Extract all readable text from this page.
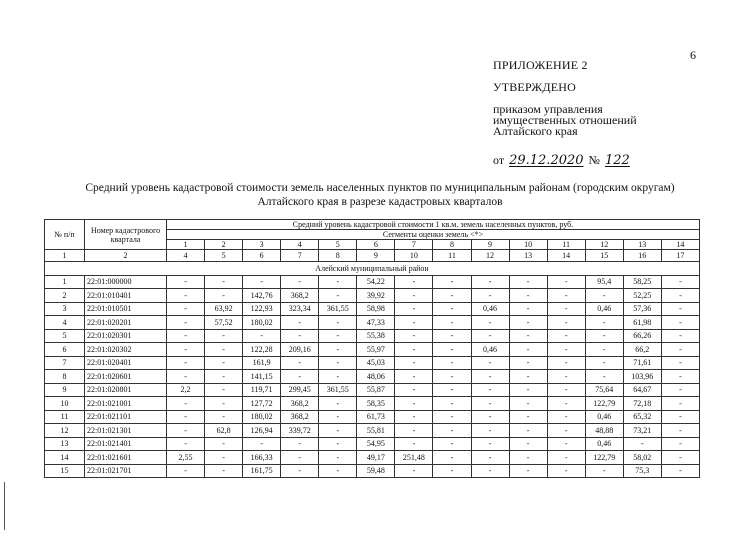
6
ПРИЛОЖЕНИЕ 2
УТВЕРЖДЕНО
приказом управления
имущественных отношений
Алтайского края
от 29.12.2020 № 122
Средний уровень кадастровой стоимости земель населенных пунктов по муниципальным районам (городским округам)
Алтайского края в разрезе кадастровых кварталов
№ п/п	Номер кадастрового квартала	Средний уровень кадастровой стоимости 1 кв.м. земель населенных пунктов, руб.													
		Сегменты оценки земель <*>													
		1	2	3	4	5	6	7	8	9	10	11	12	13	14
1	2	4	5	6	7	8	9	10	11	12	13	14	15	16	17
Алейский муниципальный район															
1	22:01:000000	-	-	-	-	-	54,22	-	-	-	-	-	95,4	58,25	-
2	22:01:010401	-	-	142,76	368,2	-	39,92	-	-	-	-	-	-	52,25	-
3	22:01:010501	-	63,92	122,93	323,34	361,55	58,98	-	-	0,46	-	-	0,46	57,36	-
4	22:01:020201	-	57,52	180,02	-	-	47,33	-	-	-	-	-	-	61,98	-
5	22:01:020301	-	-	-	-	-	55,38	-	-	-	-	-	-	66,26	-
6	22:01:020302	-	-	122,28	209,16	-	55,97	-	-	0,46	-	-	-	66,2	-
7	22:01:020401	-	-	161,9	-	-	45,03	-	-	-	-	-	-	71,61	-
8	22:01:020601	-	-	141,15	-	-	48,06	-	-	-	-	-	-	103,96	-
9	22:01:020801	2,2	-	119,71	299,45	361,55	55,87	-	-	-	-	-	75,64	64,67	-
10	22:01:021001	-	-	127,72	368,2	-	58,35	-	-	-	-	-	122,79	72,18	-
11	22:01:021101	-	-	180,02	368,2	-	61,73	-	-	-	-	-	0,46	65,32	-
12	22:01:021301	-	62,8	126,94	339,72	-	55,81	-	-	-	-	-	48,88	73,21	-
13	22:01:021401	-	-	-	-	-	54,95	-	-	-	-	-	0,46	-	-
14	22:01:021601	2,55	-	166,33	-	-	49,17	251,48	-	-	-	-	122,79	58,02	-
15	22:01:021701	-	-	161,75	-	-	59,48	-	-	-	-	-	-	75,3	-
